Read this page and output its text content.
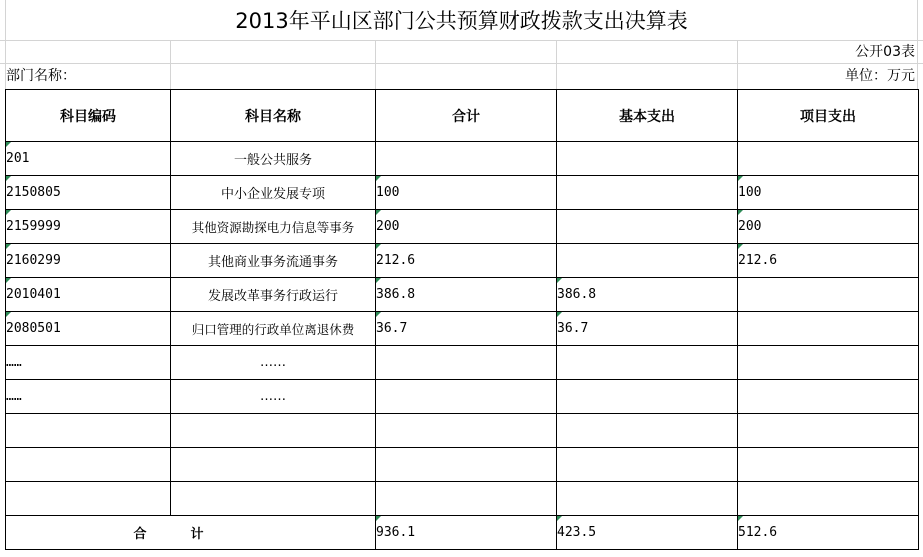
2013年平山区部门公共预算财政拨款支出决算表
公开03表
部门名称：	单位：万元
科目编码	科目名称	合计	基本支出	项目支出
201	一般公共服务			
2150805	中小企业发展专项	100		100
2159999	其他资源勘探电力信息等事务	200		200
2160299	其他商业事务流通事务	212.6		212.6
2010401	发展改革事务行政运行	386.8	386.8	
2080501	归口管理的行政单位离退休费	36.7	36.7	
……	……			
……	……			

合计		936.1	423.5	512.6
